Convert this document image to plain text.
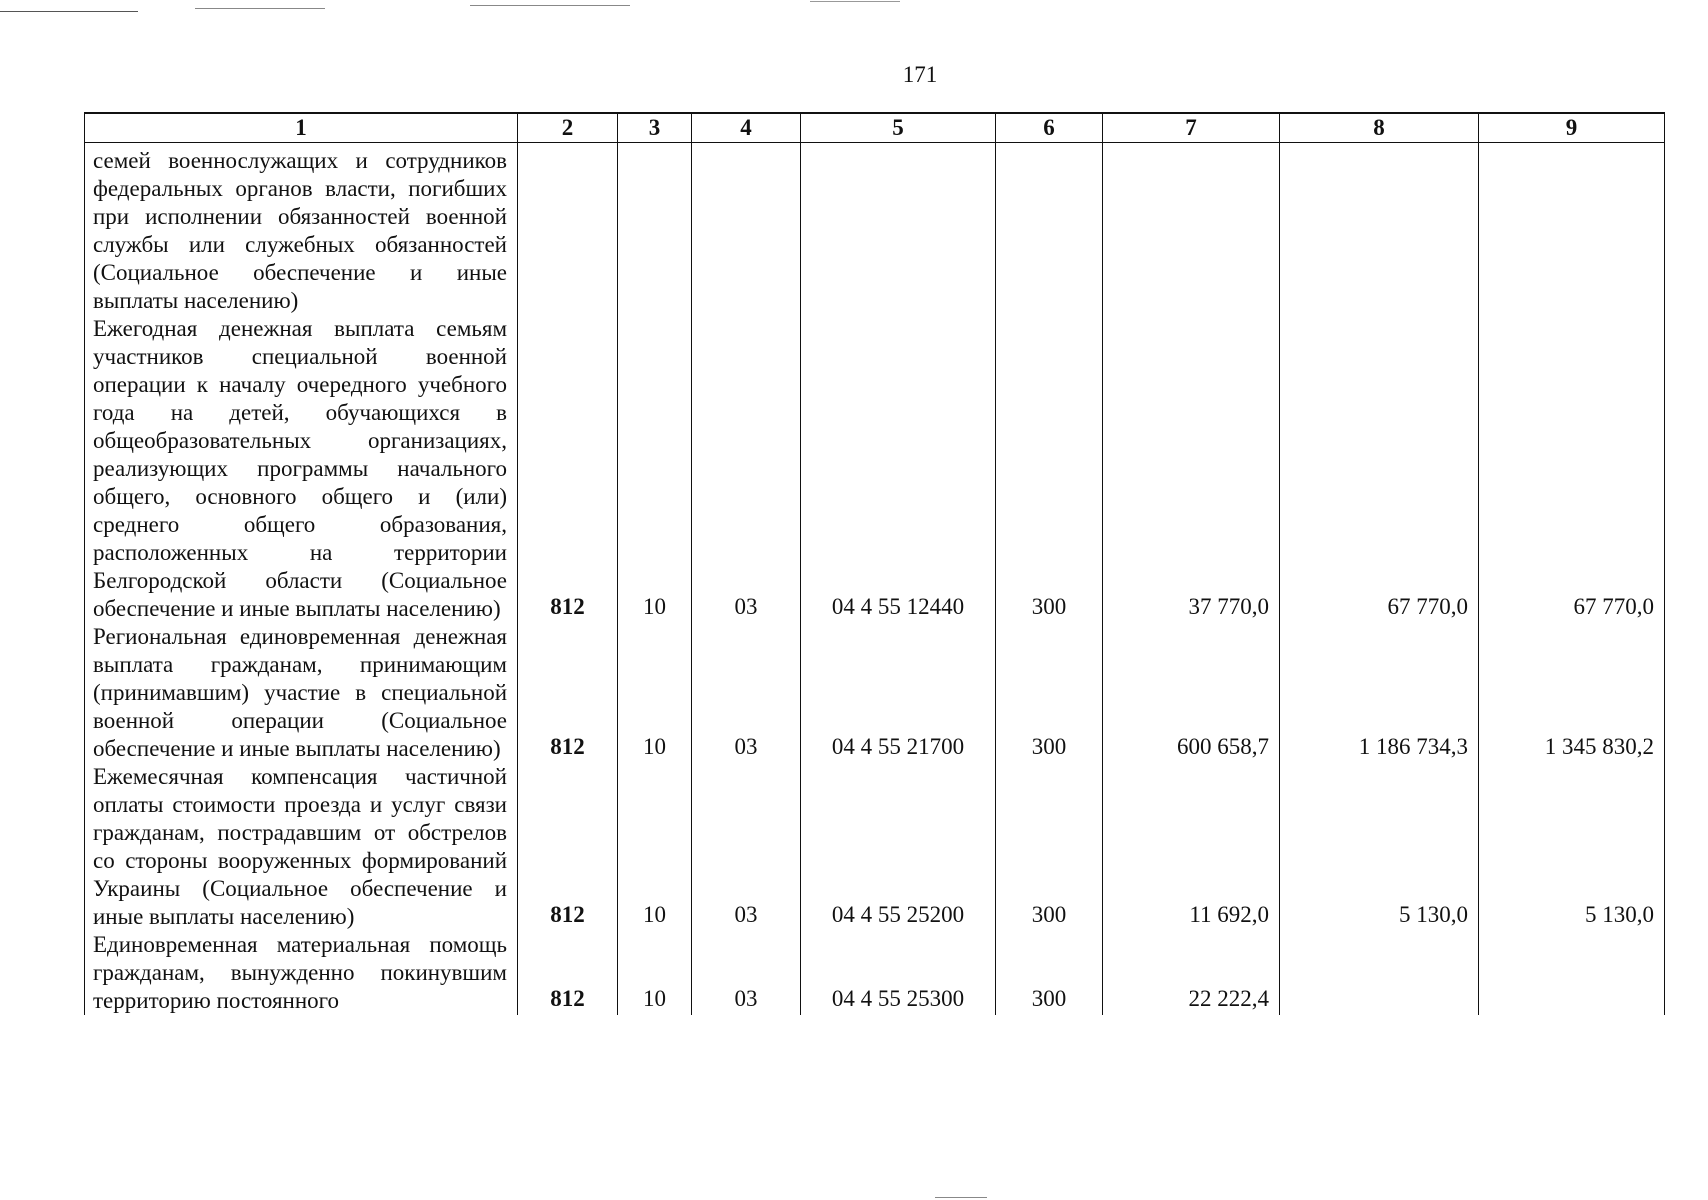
171
1	2	3	4	5	6	7	8	9
семей военнослужащих и сотрудников федеральных органов власти, погибших при исполнении обязанностей военной службы или служебных обязанностей (Социальное обеспечение и иные выплаты населению)								
Ежегодная денежная выплата семьям участников специальной военной операции к началу очередного учебного года на детей, обучающихся в общеобразовательных организациях, реализующих программы начального общего, основного общего и (или) среднего общего образования, расположенных на территории Белгородской области (Социальное обеспечение и иные выплаты населению)	812	10	03	04 4 55 12440	300	37 770,0	67 770,0	67 770,0
Региональная единовременная денежная выплата гражданам, принимающим (принимавшим) участие в специальной военной операции (Социальное обеспечение и иные выплаты населению)	812	10	03	04 4 55 21700	300	600 658,7	1 186 734,3	1 345 830,2
Ежемесячная компенсация частичной оплаты стоимости проезда и услуг связи гражданам, пострадавшим от обстрелов со стороны вооруженных формирований Украины (Социальное обеспечение и иные выплаты населению)	812	10	03	04 4 55 25200	300	11 692,0	5 130,0	5 130,0
Единовременная материальная помощь гражданам, вынужденно покинувшим территорию постоянного	812	10	03	04 4 55 25300	300	22 222,4		
